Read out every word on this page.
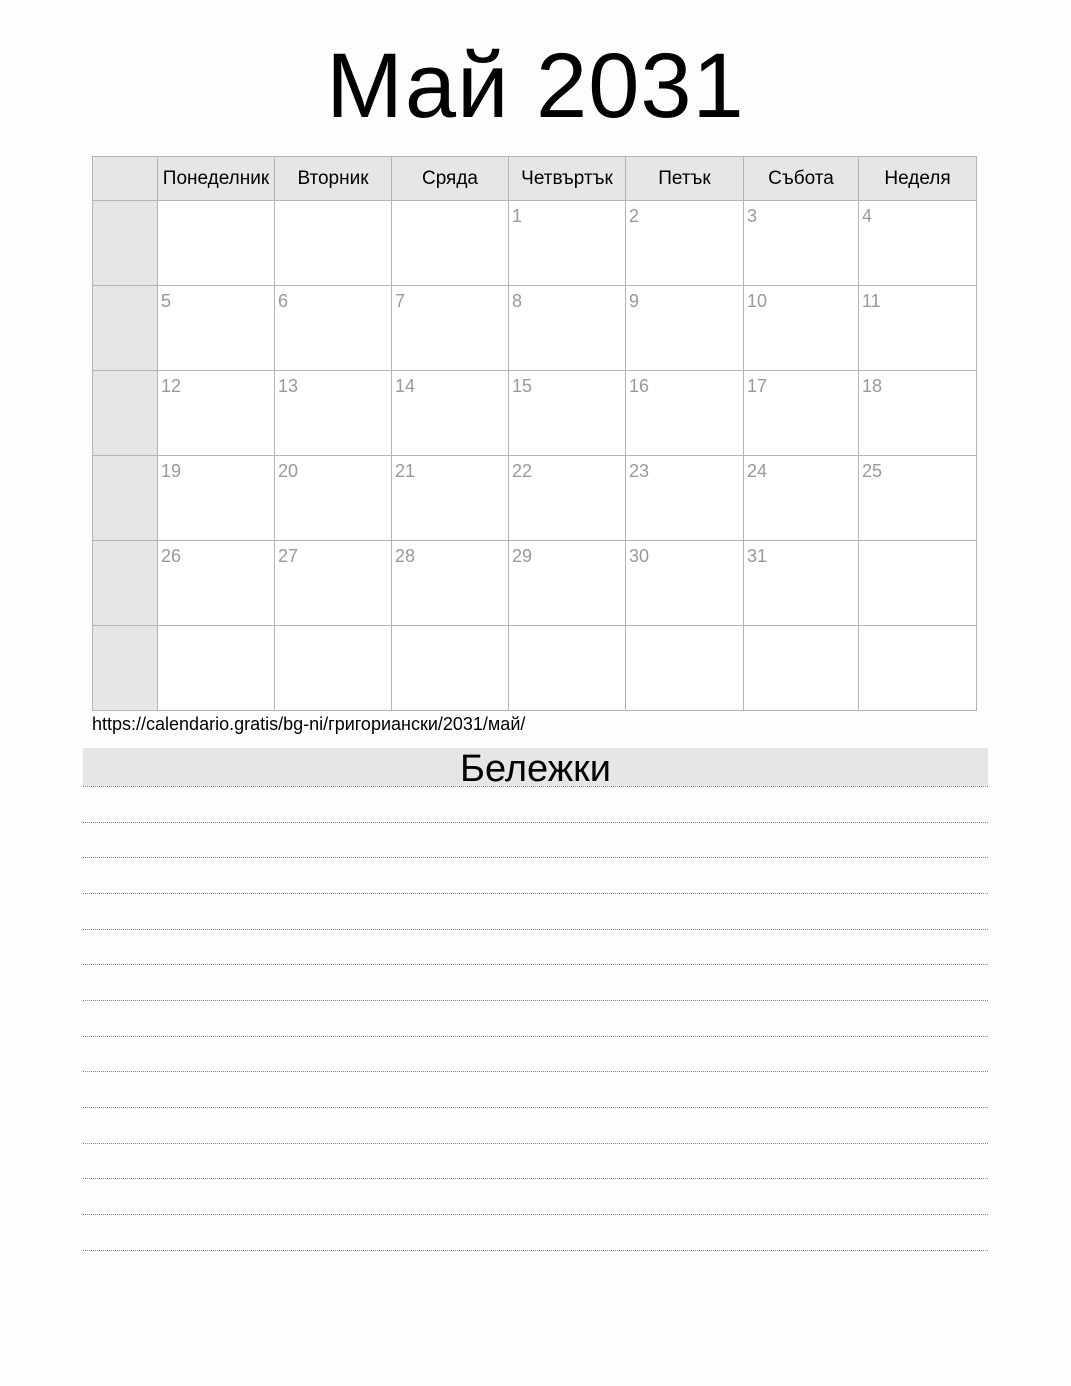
Май 2031
	Понеделник	Вторник	Сряда	Четвъртък	Петък	Събота	Неделя

				1	2	3	4

	5	6	7	8	9	10	11

	12	13	14	15	16	17	18

	19	20	21	22	23	24	25

	26	27	28	29	30	31	

https://calendario.gratis/bg-ni/григориански/2031/май/
Бележки
